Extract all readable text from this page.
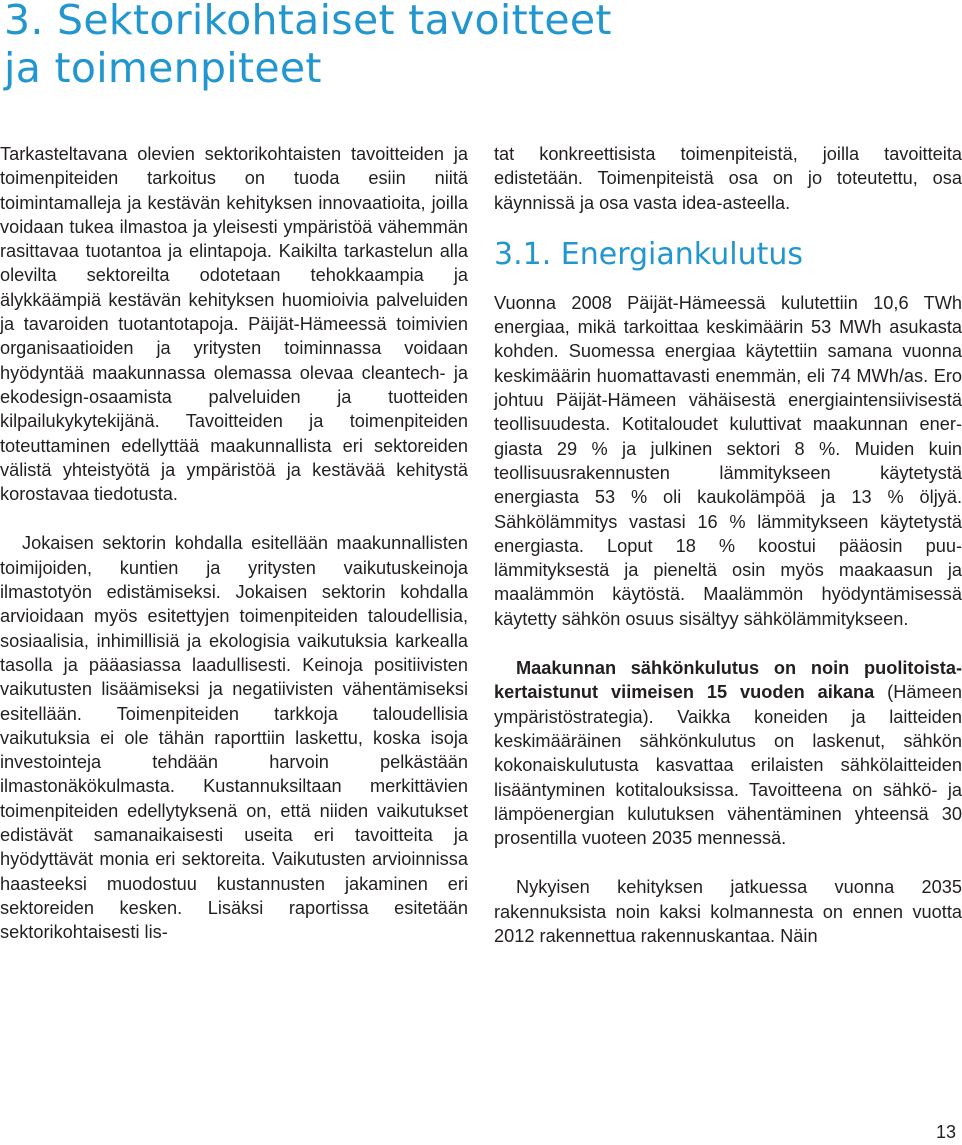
3. Sektorikohtaiset tavoitteet
ja toimenpiteet

Tarkasteltavana olevien sektorikohtaisten tavoitteiden ja toimenpiteiden tarkoitus on tuoda esiin niitä toimintamalleja ja kestävän kehityksen innovaatioita, joilla voidaan tukea ilmastoa ja yleisesti ympäristöä vähemmän rasittavaa tuotantoa ja elintapoja. Kaikilta tarkastelun alla olevilta sektoreilta odotetaan tehokkaampia ja älykkäämpiä kestävän kehityksen huomioivia palveluiden ja tavaroiden tuotantotapoja. Päijät-Hämeessä toimivien organisaatioiden ja yritysten toiminnassa voidaan hyödyntää maakunnassa olemassa olevaa cleantech- ja ekodesign-osaamista palveluiden ja tuotteiden kilpailukykytekijänä. Tavoitteiden ja toimenpiteiden toteuttaminen edellyttää maakunnallista eri sektoreiden välistä yhteistyötä ja ympäristöä ja kestävää kehitystä korostavaa tiedotusta.

Jokaisen sektorin kohdalla esitellään maakunnallisten toimijoiden, kuntien ja yritysten vaikutuskeinoja ilmastotyön edistämiseksi. Jokaisen sektorin kohdalla arvioidaan myös esitettyjen toimenpiteiden taloudellisia, sosiaalisia, inhimillisiä ja ekologisia vaikutuksia karkealla tasolla ja pääasiassa laadullisesti. Keinoja positiivisten vaikutusten lisäämiseksi ja negatiivisten vähentämiseksi esitellään. Toimenpiteiden tarkkoja taloudellisia vaikutuksia ei ole tähän raporttiin laskettu, koska isoja investointeja tehdään harvoin pelkästään ilmastonäkökulmasta. Kustannuksiltaan merkittävien toimenpiteiden edellytyksenä on, että niiden vaikutukset edistävät samanaikaisesti useita eri tavoitteita ja hyödyttävät monia eri sektoreita. Vaikutusten arvioinnissa haasteeksi muodostuu kustannusten jakaminen eri sektoreiden kesken. Lisäksi raportissa esitetään sektorikohtaisesti lis-

tat konkreettisista toimenpiteistä, joilla tavoitteita edistetään. Toimenpiteistä osa on jo toteutettu, osa käynnissä ja osa vasta idea-asteella.

3.1. Energiankulutus

Vuonna 2008 Päijät-Hämeessä kulutettiin 10,6 TWh energiaa, mikä tarkoittaa keskimäärin 53 MWh asukasta kohden. Suomessa energiaa käytettiin samana vuonna keskimäärin huomattavasti enemmän, eli 74 MWh/as. Ero johtuu Päijät-Hämeen vähäisestä energiaintensiivisestä teollisuudesta. Kotitaloudet kuluttivat maakunnan energiasta 29 % ja julkinen sektori 8 %. Muiden kuin teollisuusrakennusten lämmitykseen käytetystä energiasta 53 % oli kaukolämpöä ja 13 % öljyä. Sähkölämmitys vastasi 16 % lämmitykseen käytetystä energiasta. Loput 18 % koostui pääosin puulämmityksestä ja pieneltä osin myös maakaasun ja maalämmön käytöstä. Maalämmön hyödyntämisessä käytetty sähkön osuus sisältyy sähkölämmitykseen.

Maakunnan sähkönkulutus on noin puolitoistakertaistunut viimeisen 15 vuoden aikana (Hämeen ympäristöstrategia). Vaikka koneiden ja laitteiden keskimääräinen sähkönkulutus on laskenut, sähkön kokonaiskulutusta kasvattaa erilaisten sähkölaitteiden lisääntyminen kotitalouksissa. Tavoitteena on sähkö- ja lämpöenergian kulutuksen vähentäminen yhteensä 30 prosentilla vuoteen 2035 mennessä.

Nykyisen kehityksen jatkuessa vuonna 2035 rakennuksista noin kaksi kolmannesta on ennen vuotta 2012 rakennettua rakennuskantaa. Näin

13
